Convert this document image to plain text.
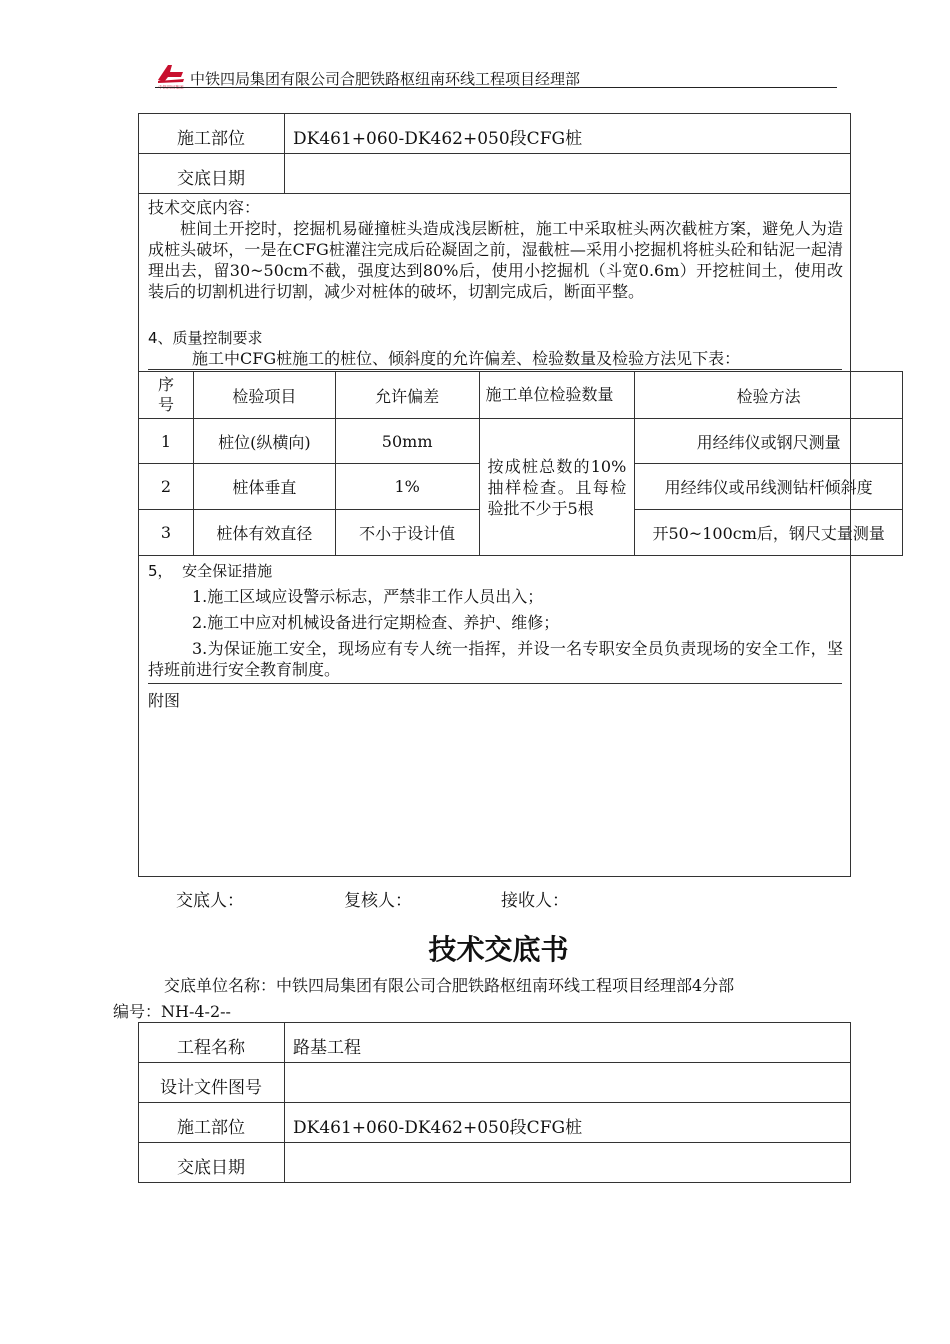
中铁四局集团 中铁四局集团有限公司合肥铁路枢纽南环线工程项目经理部
施工部位	DK461+060-DK462+050段CFG桩
交底日期
技术交底内容：
桩间土开挖时，挖掘机易碰撞桩头造成浅层断桩，施工中采取桩头两次截桩方案，避免人为造成桩头破坏，一是在CFG桩灌注完成后砼凝固之前，湿截桩—采用小挖掘机将桩头砼和钻泥一起清理出去，留30~50cm不截，强度达到80%后，使用小挖掘机（斗宽0.6m）开挖桩间土，使用改装后的切割机进行切割，减少对桩体的破坏，切割完成后，断面平整。
4、质量控制要求
施工中CFG桩施工的桩位、倾斜度的允许偏差、检验数量及检验方法见下表：
序号	检验项目	允许偏差	施工单位检验数量	检验方法
1	桩位(纵横向)	50mm	按成桩总数的10%抽样检查。且每检验批不少于5根	用经纬仪或钢尺测量
2	桩体垂直	1%		用经纬仪或吊线测钻杆倾斜度
3	桩体有效直径	不小于设计值		开50~100cm后，钢尺丈量测量
5，  安全保证措施
1.施工区域应设警示标志，严禁非工作人员出入；
2.施工中应对机械设备进行定期检查、养护、维修；
3.为保证施工安全，现场应有专人统一指挥，并设一名专职安全员负责现场的安全工作，坚持班前进行安全教育制度。
附图
交底人：	复核人：	接收人：
技术交底书
交底单位名称：中铁四局集团有限公司合肥铁路枢纽南环线工程项目经理部4分部
编号：NH-4-2--
工程名称	路基工程
设计文件图号
施工部位	DK461+060-DK462+050段CFG桩
交底日期
